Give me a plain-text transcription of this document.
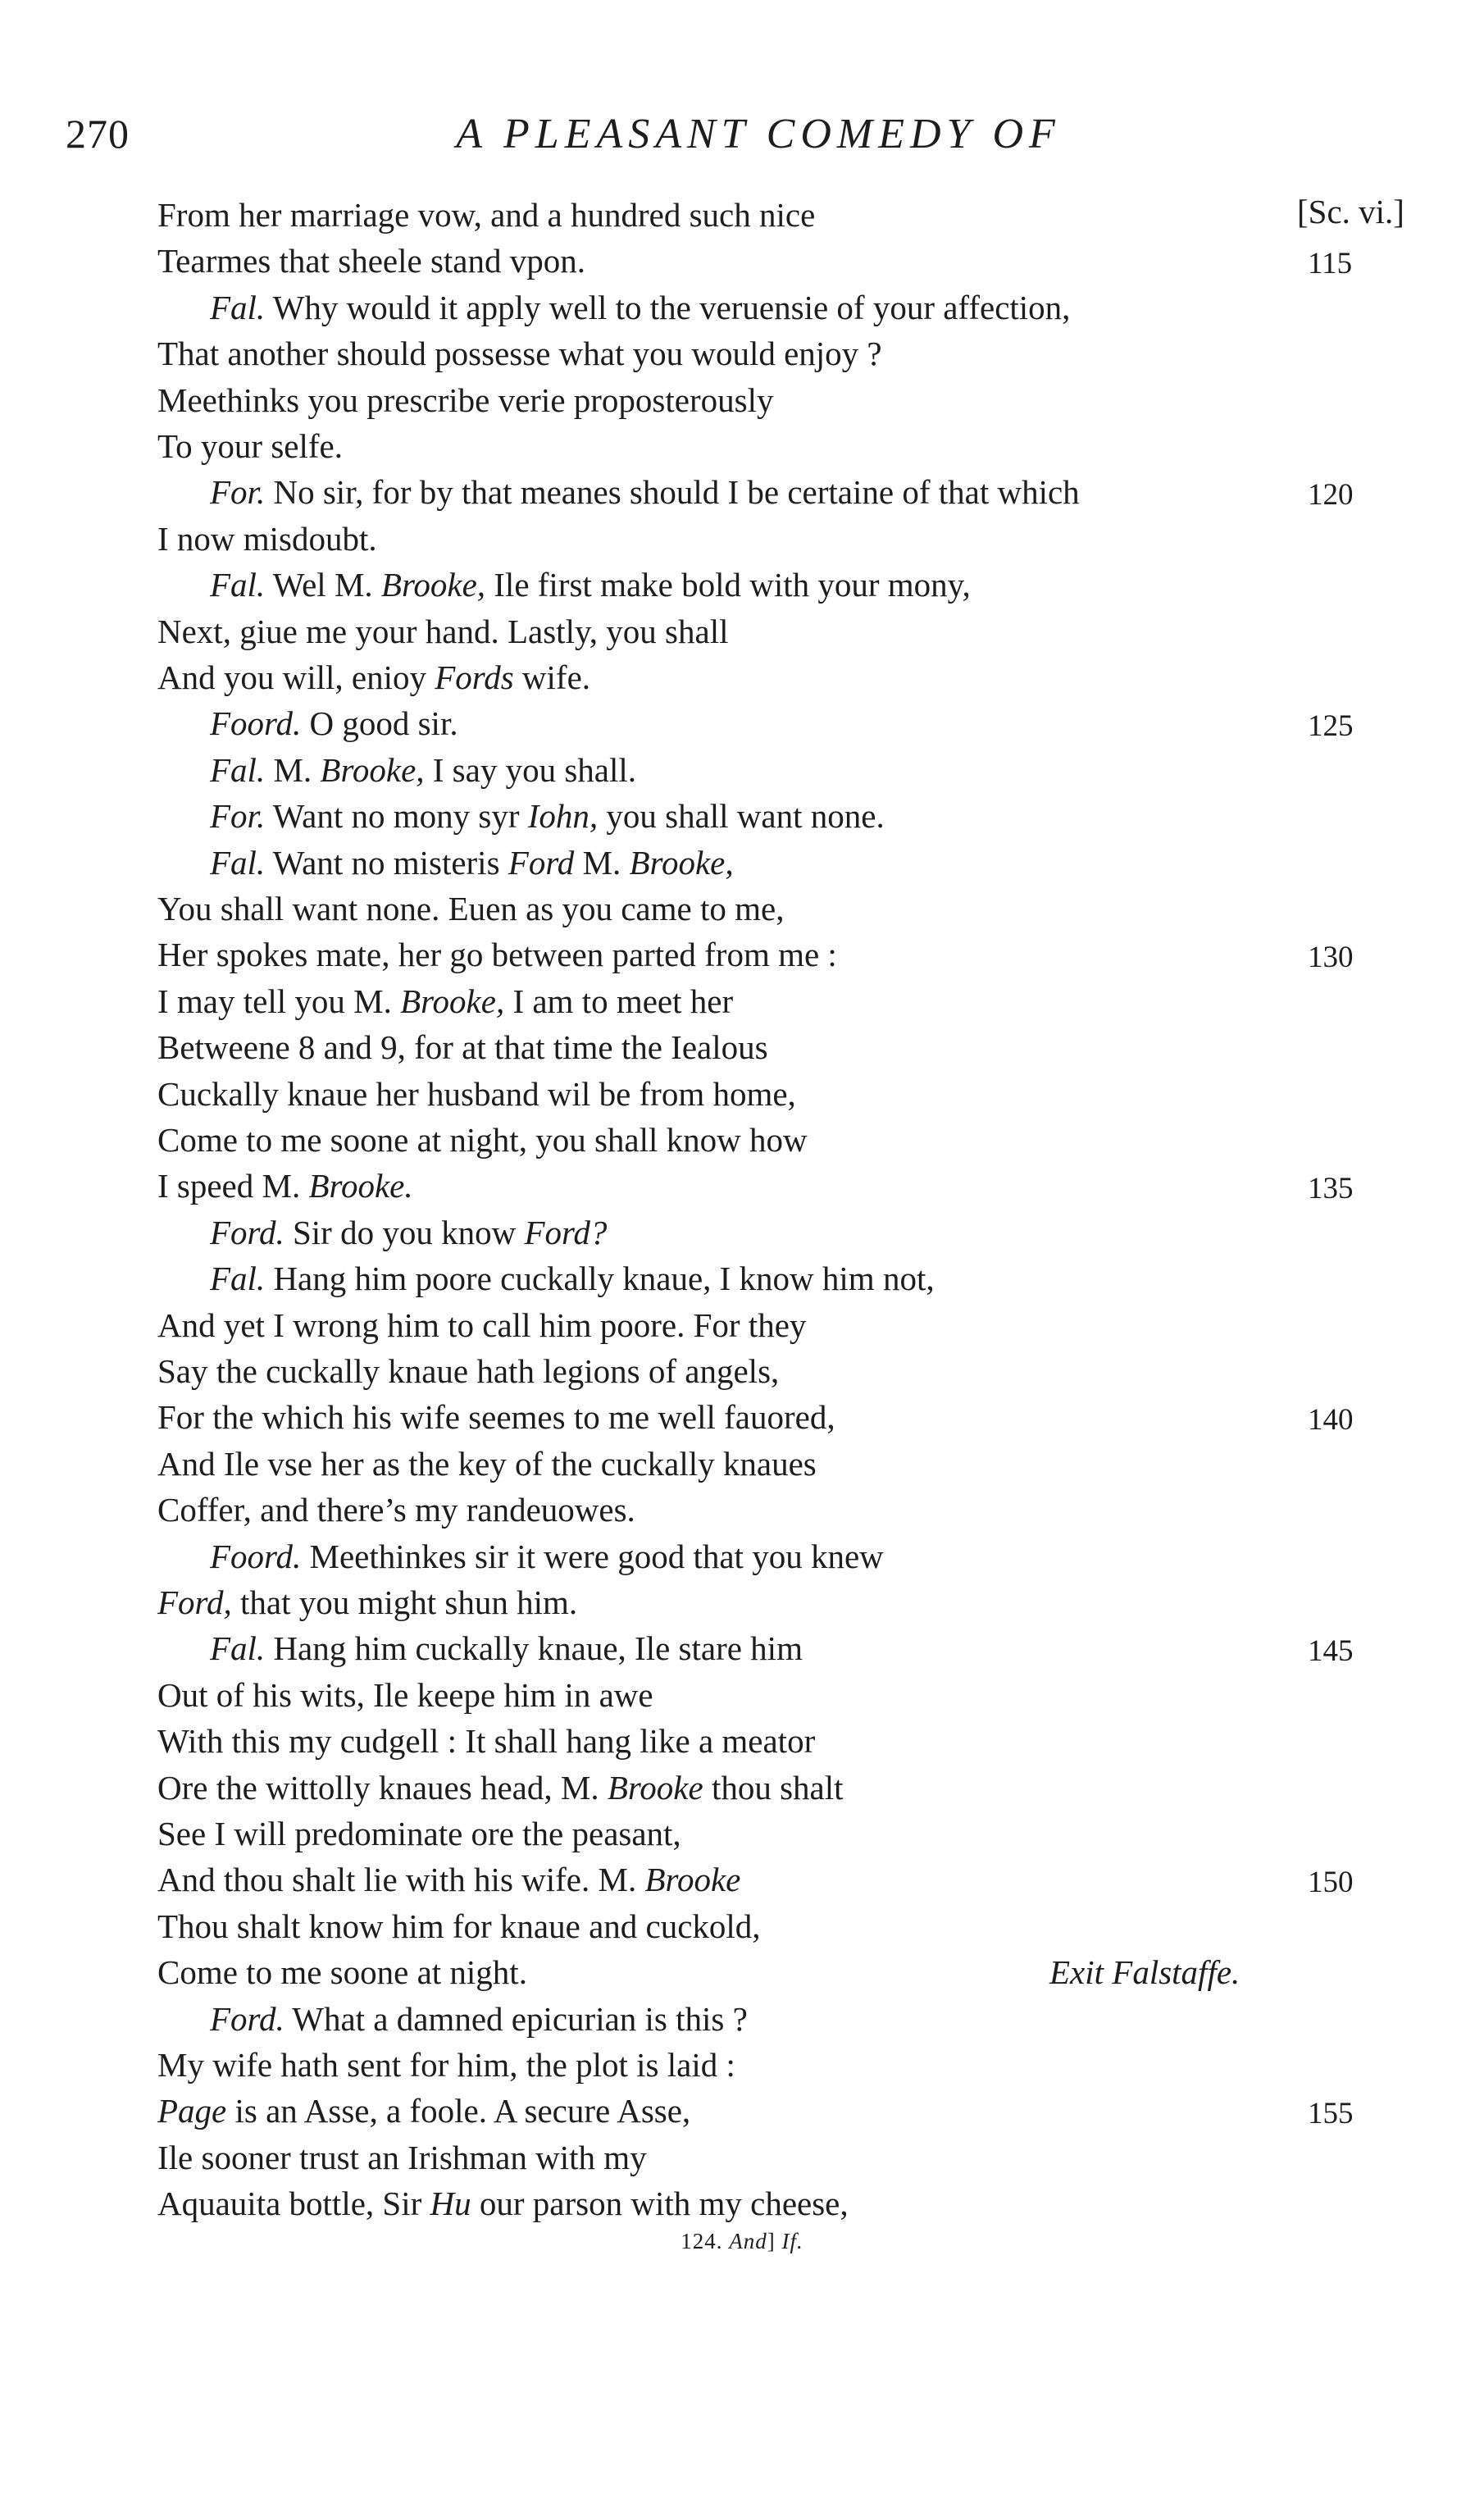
270	A PLEASANT COMEDY OF
[Sc. vi.]
From her marriage vow, and a hundred such nice
Tearmes that sheele stand vpon.	115
Fal. Why would it apply well to the veruensie of your affection,
That another should possesse what you would enjoy ?
Meethinks you prescribe verie proposterously
To your selfe.
For. No sir, for by that meanes should I be certaine of that which	120
I now misdoubt.
Fal. Wel M. Brooke, Ile first make bold with your mony,
Next, giue me your hand. Lastly, you shall
And you will, enioy Fords wife.
Foord. O good sir.	125
Fal. M. Brooke, I say you shall.
For. Want no mony syr Iohn, you shall want none.
Fal. Want no misteris Ford M. Brooke,
You shall want none. Euen as you came to me,
Her spokes mate, her go between parted from me :	130
I may tell you M. Brooke, I am to meet her
Betweene 8 and 9, for at that time the Iealous
Cuckally knaue her husband wil be from home,
Come to me soone at night, you shall know how
I speed M. Brooke.	135
Ford. Sir do you know Ford?
Fal. Hang him poore cuckally knaue, I know him not,
And yet I wrong him to call him poore. For they
Say the cuckally knaue hath legions of angels,
For the which his wife seemes to me well fauored,	140
And Ile vse her as the key of the cuckally knaues
Coffer, and there’s my randeuowes.
Foord. Meethinkes sir it were good that you knew
Ford, that you might shun him.
Fal. Hang him cuckally knaue, Ile stare him	145
Out of his wits, Ile keepe him in awe
With this my cudgell : It shall hang like a meator
Ore the wittolly knaues head, M. Brooke thou shalt
See I will predominate ore the peasant,
And thou shalt lie with his wife. M. Brooke	150
Thou shalt know him for knaue and cuckold,
Come to me soone at night.	Exit Falstaffe.
Ford. What a damned epicurian is this ?
My wife hath sent for him, the plot is laid :
Page is an Asse, a foole. A secure Asse,	155
Ile sooner trust an Irishman with my
Aquauita bottle, Sir Hu our parson with my cheese,
124. And] If.
